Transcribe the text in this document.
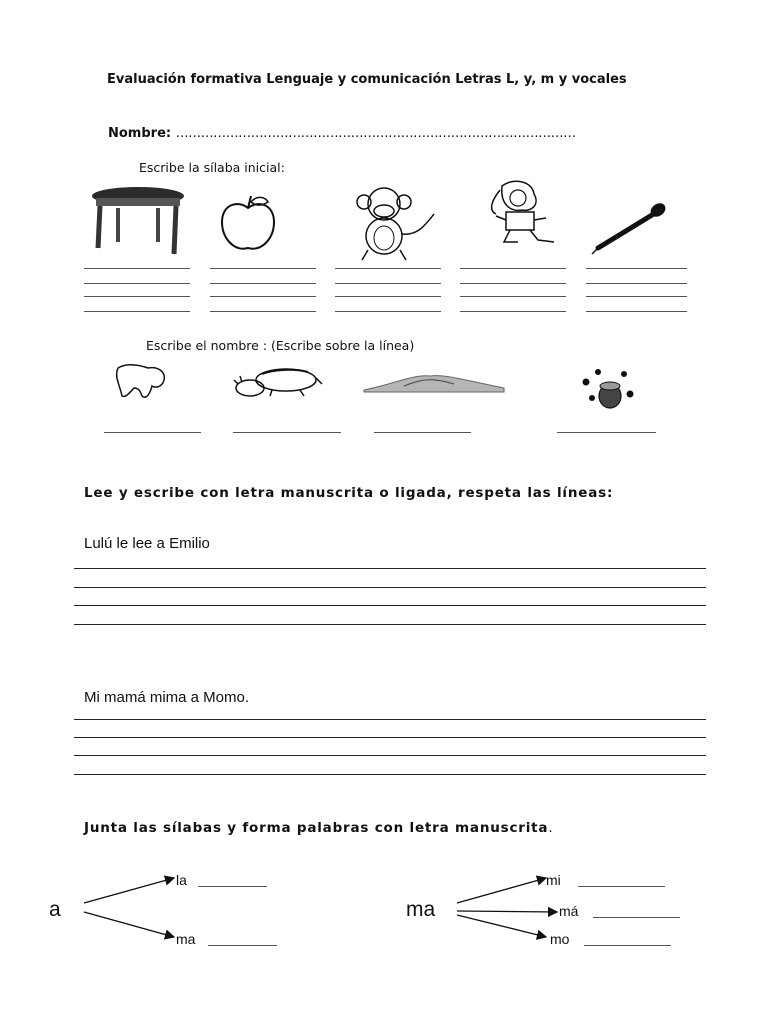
Evaluación formativa Lenguaje y comunicación Letras L, y, m y vocales
Nombre: ……………………………………………………………………………………
Escribe la sílaba inicial:
Escribe el nombre : (Escribe sobre la línea)
Lee y escribe con letra manuscrita o ligada, respeta las líneas:
Lulú le lee a Emilio
Mi mamá mima a Momo.
Junta las sílabas y forma palabras con letra manuscrita.
a
la
ma
ma
mi
má
mo
